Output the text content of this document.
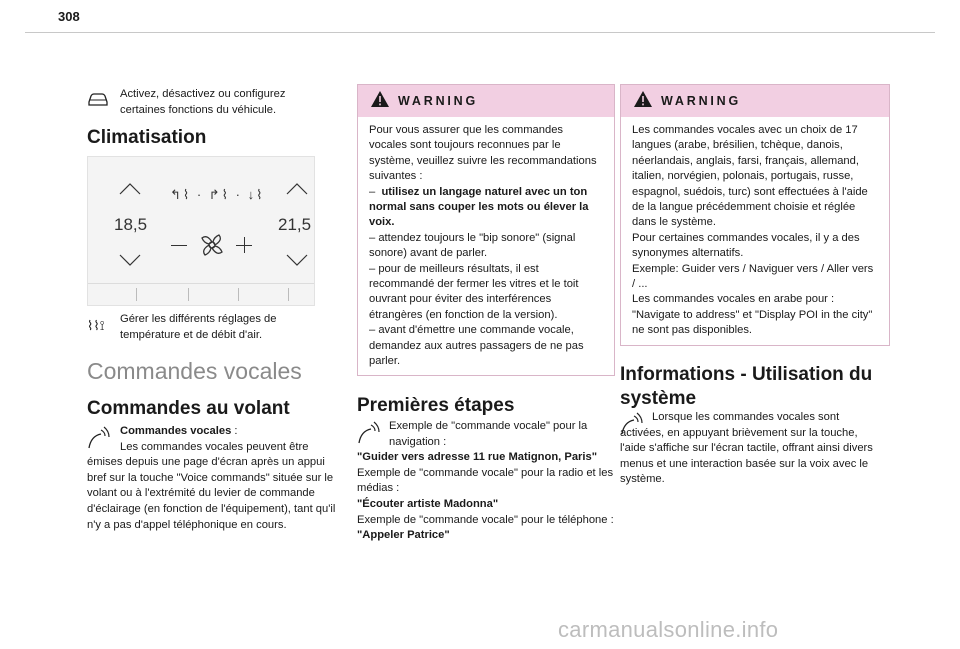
308
Activez, désactivez ou configurez certaines fonctions du véhicule.
Climatisation
↰⌇ · ↱⌇ · ↓⌇
18,5	21,5
⌇⌇⟟	Gérer les différents réglages de température et de débit d'air.
Commandes vocales
Commandes au volant
Commandes vocales :
Les commandes vocales peuvent être émises depuis une page d'écran après un appui bref sur la touche "Voice commands" située sur le volant ou à l'extrémité du levier de commande d'éclairage (en fonction de l'équipement), tant qu'il n'y a pas d'appel téléphonique en cours.
WARNING

Pour vous assurer que les commandes vocales sont toujours reconnues par le système, veuillez suivre les recommandations suivantes :

– utilisez un langage naturel avec un ton normal sans couper les mots ou élever la voix.

– attendez toujours le "bip sonore" (signal sonore) avant de parler.

– pour de meilleurs résultats, il est recommandé der fermer les vitres et le toit ouvrant pour éviter des interférences étrangères (en fonction de la version).

– avant d'émettre une commande vocale, demandez aux autres passagers de ne pas parler.

Premières étapes
Exemple de "commande vocale" pour la navigation :
"Guider vers adresse 11 rue Matignon, Paris"
Exemple de "commande vocale" pour la radio et les médias :
"Écouter artiste Madonna"
Exemple de "commande vocale" pour le téléphone :
"Appeler Patrice"
WARNING

Les commandes vocales avec un choix de 17 langues (arabe, brésilien, tchèque, danois, néerlandais, anglais, farsi, français, allemand, italien, norvégien, polonais, portugais, russe, espagnol, suédois, turc) sont effectuées à l'aide de la langue précédemment choisie et réglée dans le système.

Pour certaines commandes vocales, il y a des synonymes alternatifs.

Exemple: Guider vers / Naviguer vers / Aller vers / ...

Les commandes vocales en arabe pour : "Navigate to address" et "Display POI in the city" ne sont pas disponibles.

Informations - Utilisation du système
Lorsque les commandes vocales sont activées, en appuyant brièvement sur la touche, l'aide s'affiche sur l'écran tactile, offrant ainsi divers menus et une interaction basée sur la voix avec le système.
carmanualsonline.info
